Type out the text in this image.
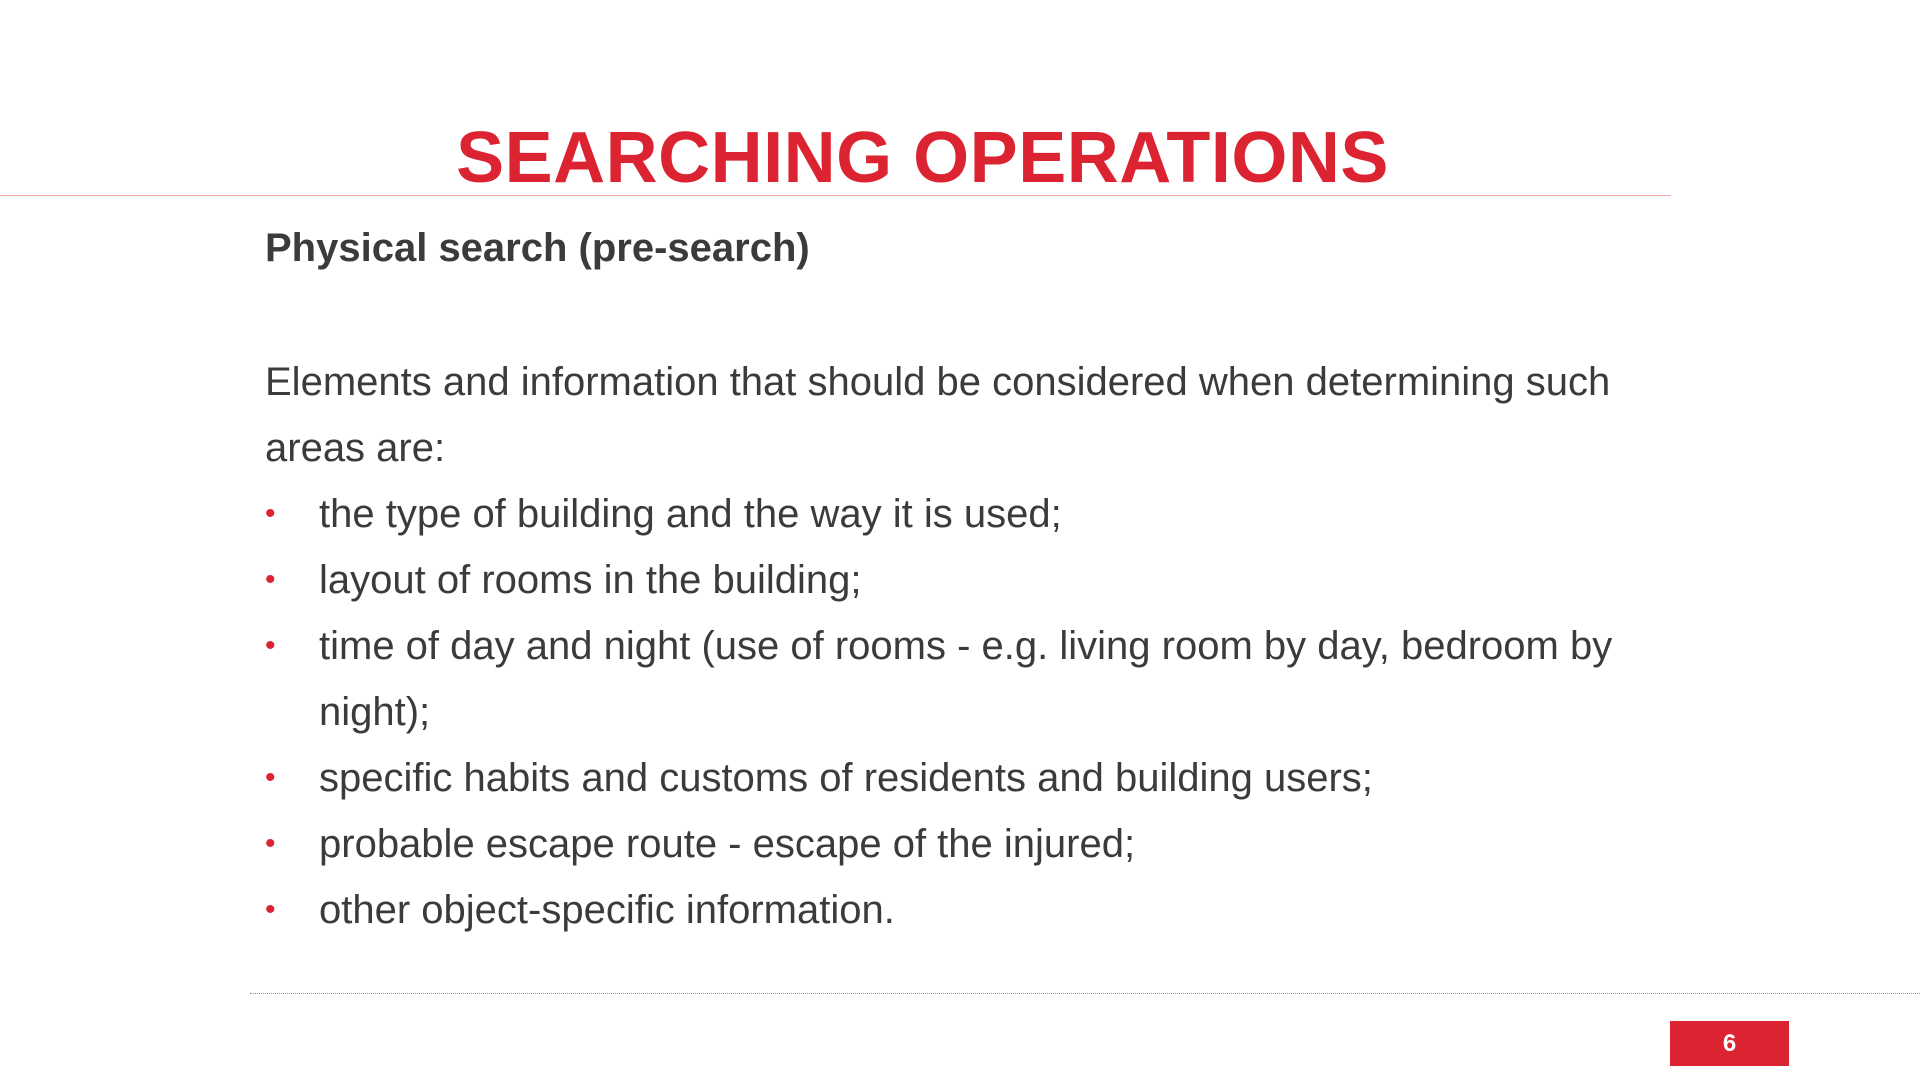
SEARCHING OPERATIONS

Physical search (pre-search)

Elements and information that should be considered when determining such areas are:

• the type of building and the way it is used;
• layout of rooms in the building;
• time of day and night (use of rooms - e.g. living room by day, bedroom by night);
• specific habits and customs of residents and building users;
• probable escape route - escape of the injured;
• other object-specific information.
6
